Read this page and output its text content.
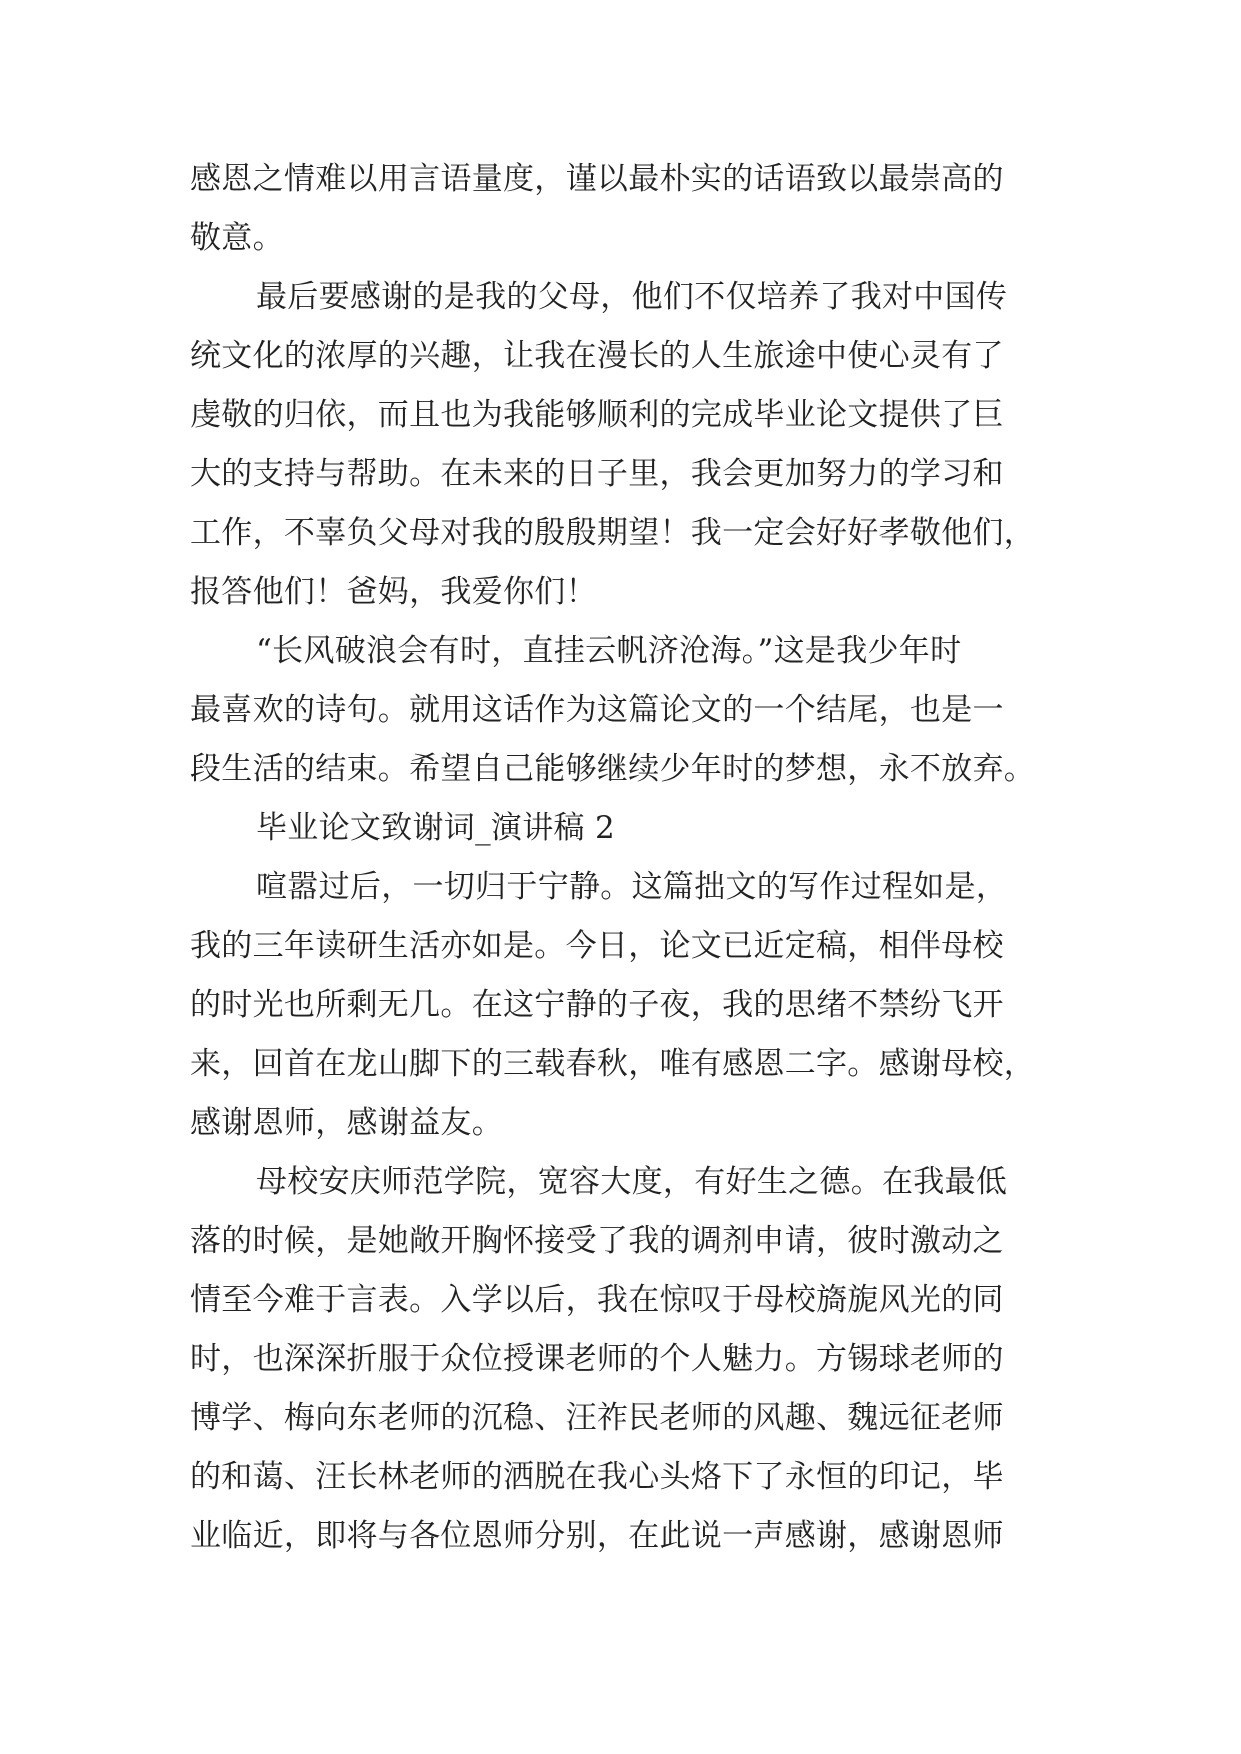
感恩之情难以用言语量度，谨以最朴实的话语致以最崇高的
敬意。
最后要感谢的是我的父母，他们不仅培养了我对中国传
统文化的浓厚的兴趣，让我在漫长的人生旅途中使心灵有了
虔敬的归依，而且也为我能够顺利的完成毕业论文提供了巨
大的支持与帮助。在未来的日子里，我会更加努力的学习和
工作，不辜负父母对我的殷殷期望！我一定会好好孝敬他们，
报答他们！爸妈，我爱你们！
“长风破浪会有时，直挂云帆济沧海。”这是我少年时
最喜欢的诗句。就用这话作为这篇论文的一个结尾，也是一
段生活的结束。希望自己能够继续少年时的梦想，永不放弃。
毕业论文致谢词_演讲稿 2
喧嚣过后，一切归于宁静。这篇拙文的写作过程如是，
我的三年读研生活亦如是。今日，论文已近定稿，相伴母校
的时光也所剩无几。在这宁静的子夜，我的思绪不禁纷飞开
来，回首在龙山脚下的三载春秋，唯有感恩二字。感谢母校，
感谢恩师，感谢益友。
母校安庆师范学院，宽容大度，有好生之德。在我最低
落的时候，是她敞开胸怀接受了我的调剂申请，彼时激动之
情至今难于言表。入学以后，我在惊叹于母校旖旎风光的同
时，也深深折服于众位授课老师的个人魅力。方锡球老师的
博学、梅向东老师的沉稳、汪祚民老师的风趣、魏远征老师
的和蔼、汪长林老师的洒脱在我心头烙下了永恒的印记，毕
业临近，即将与各位恩师分别，在此说一声感谢，感谢恩师
